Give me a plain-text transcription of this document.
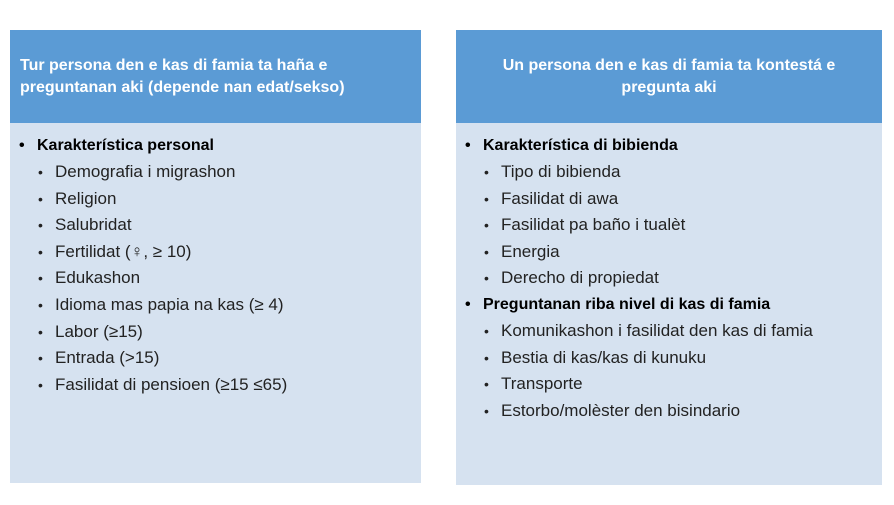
Tur persona den e kas di famia ta haña e preguntanan aki (depende nan edat/sekso)
• Karakterística personal
• Demografia i migrashon
• Religion
• Salubridat
• Fertilidat (♀, ≥ 10)
• Edukashon
• Idioma mas papia na kas (≥ 4)
• Labor (≥15)
• Entrada (>15)
• Fasilidat di pensioen (≥15 ≤65)
Un persona den e kas di famia ta kontestá e pregunta aki
• Karakterística di bibienda
• Tipo di bibienda
• Fasilidat di awa
• Fasilidat pa baño i tualèt
• Energia
• Derecho di propiedat
• Preguntanan riba nivel di kas di famia
• Komunikashon i fasilidat den kas di famia
• Bestia di kas/kas di kunuku
• Transporte
• Estorbo/molèster den bisindario
